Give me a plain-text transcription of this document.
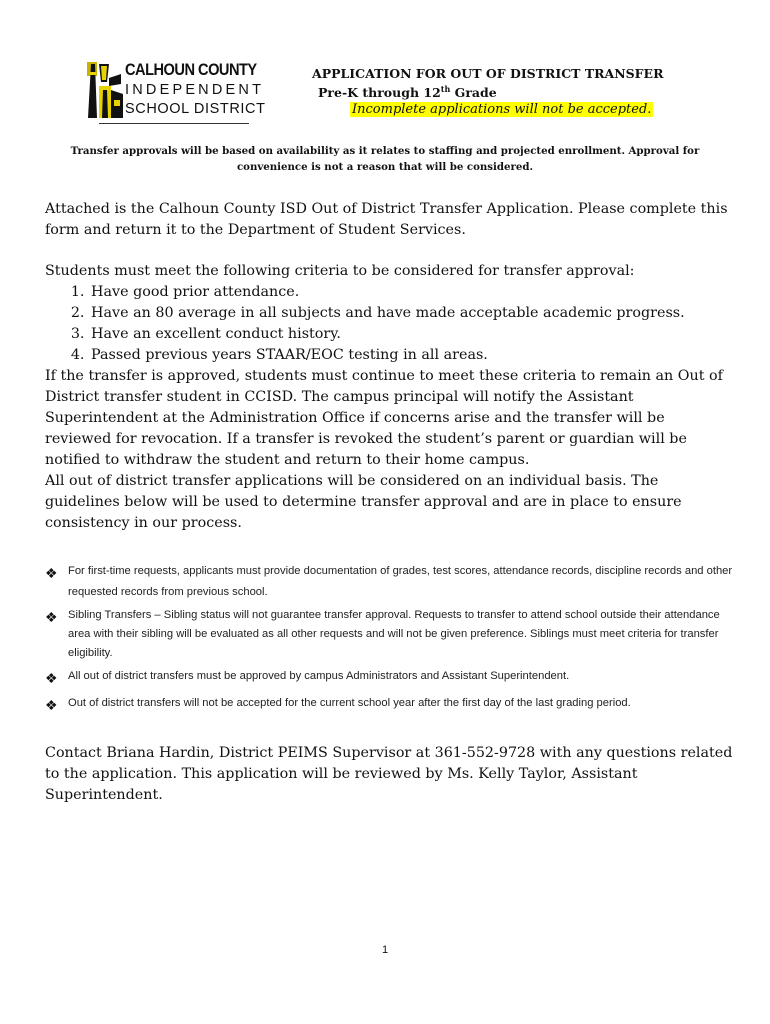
CALHOUN COUNTY
INDEPENDENT
SCHOOL DISTRICT
APPLICATION FOR OUT OF DISTRICT TRANSFER
Pre-K through 12th Grade
Incomplete applications will not be accepted.
Transfer approvals will be based on availability as it relates to staffing and projected enrollment. Approval for convenience is not a reason that will be considered.

Attached is the Calhoun County ISD Out of District Transfer Application. Please complete this form and return it to the Department of Student Services.

Students must meet the following criteria to be considered for transfer approval:

1. Have good prior attendance.
2. Have an 80 average in all subjects and have made acceptable academic progress.
3. Have an excellent conduct history.
4. Passed previous years STAAR/EOC testing in all areas.
If the transfer is approved, students must continue to meet these criteria to remain an Out of District transfer student in CCISD. The campus principal will notify the Assistant Superintendent at the Administration Office if concerns arise and the transfer will be reviewed for revocation. If a transfer is revoked the student’s parent or guardian will be notified to withdraw the student and return to their home campus.
All out of district transfer applications will be considered on an individual basis. The guidelines below will be used to determine transfer approval and are in place to ensure consistency in our process.
❖ For first-time requests, applicants must provide documentation of grades, test scores, attendance records, discipline records and other requested records from previous school.
❖ Sibling Transfers – Sibling status will not guarantee transfer approval. Requests to transfer to attend school outside their attendance area with their sibling will be evaluated as all other requests and will not be given preference. Siblings must meet criteria for transfer eligibility.
❖ All out of district transfers must be approved by campus Administrators and Assistant Superintendent.
❖ Out of district transfers will not be accepted for the current school year after the first day of the last grading period.

Contact Briana Hardin, District PEIMS Supervisor at 361-552-9728 with any questions related to the application. This application will be reviewed by Ms. Kelly Taylor, Assistant Superintendent.

1
